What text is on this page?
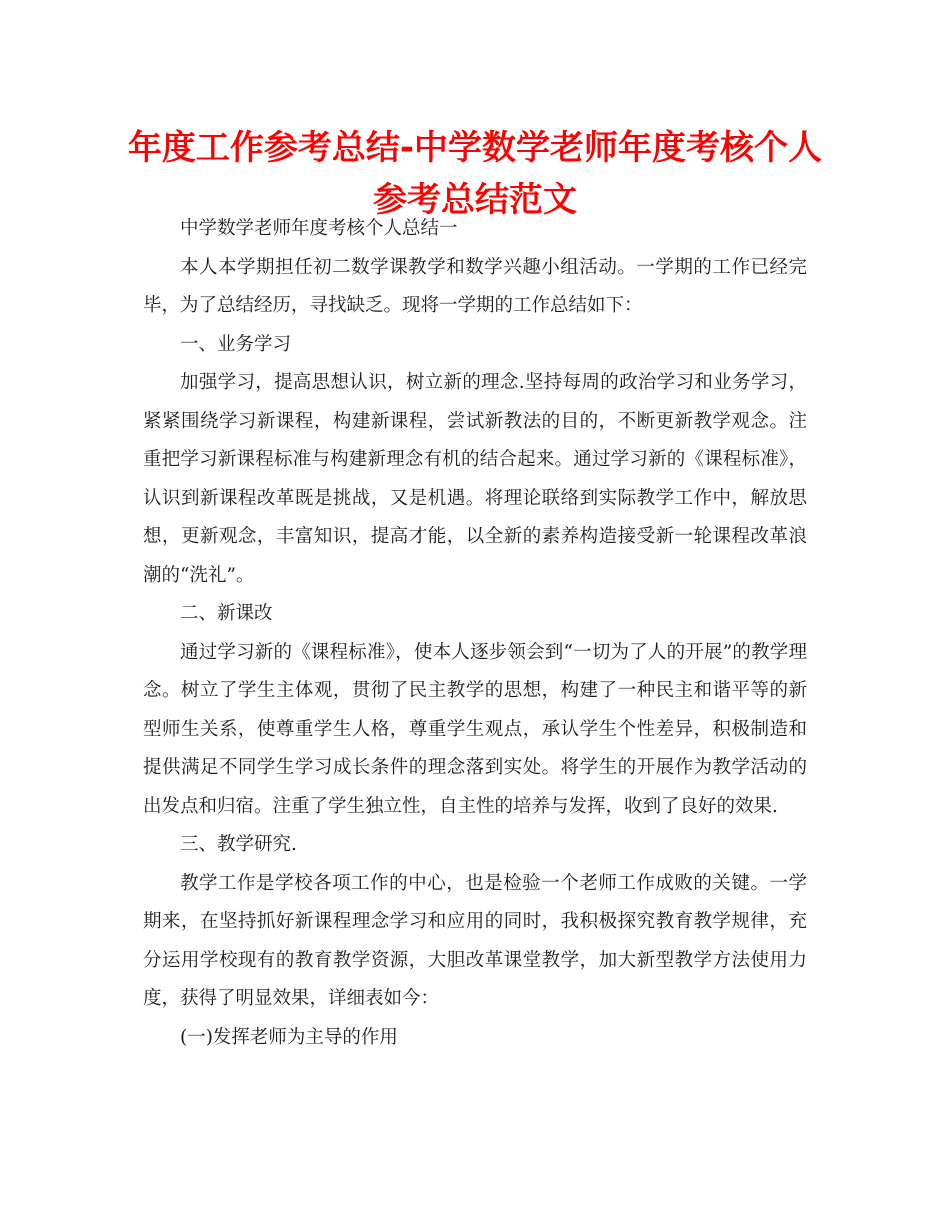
年度工作参考总结-中学数学老师年度考核个人参考总结范文

中学数学老师年度考核个人总结一

本人本学期担任初二数学课教学和数学兴趣小组活动。一学期的工作已经完毕，为了总结经历，寻找缺乏。现将一学期的工作总结如下：

一、业务学习

加强学习，提高思想认识，树立新的理念.坚持每周的政治学习和业务学习，紧紧围绕学习新课程，构建新课程，尝试新教法的目的，不断更新教学观念。注重把学习新课程标准与构建新理念有机的结合起来。通过学习新的《课程标准》，认识到新课程改革既是挑战，又是机遇。将理论联络到实际教学工作中，解放思想，更新观念，丰富知识，提高才能，以全新的素养构造接受新一轮课程改革浪潮的“洗礼”。

二、新课改

通过学习新的《课程标准》，使本人逐步领会到“一切为了人的开展”的教学理念。树立了学生主体观，贯彻了民主教学的思想，构建了一种民主和谐平等的新型师生关系，使尊重学生人格，尊重学生观点，承认学生个性差异，积极制造和提供满足不同学生学习成长条件的理念落到实处。将学生的开展作为教学活动的出发点和归宿。注重了学生独立性，自主性的培养与发挥，收到了良好的效果.

三、教学研究.

教学工作是学校各项工作的中心，也是检验一个老师工作成败的关键。一学期来，在坚持抓好新课程理念学习和应用的同时，我积极探究教育教学规律，充分运用学校现有的教育教学资源，大胆改革课堂教学，加大新型教学方法使用力度，获得了明显效果，详细表如今：

(一)发挥老师为主导的作用
